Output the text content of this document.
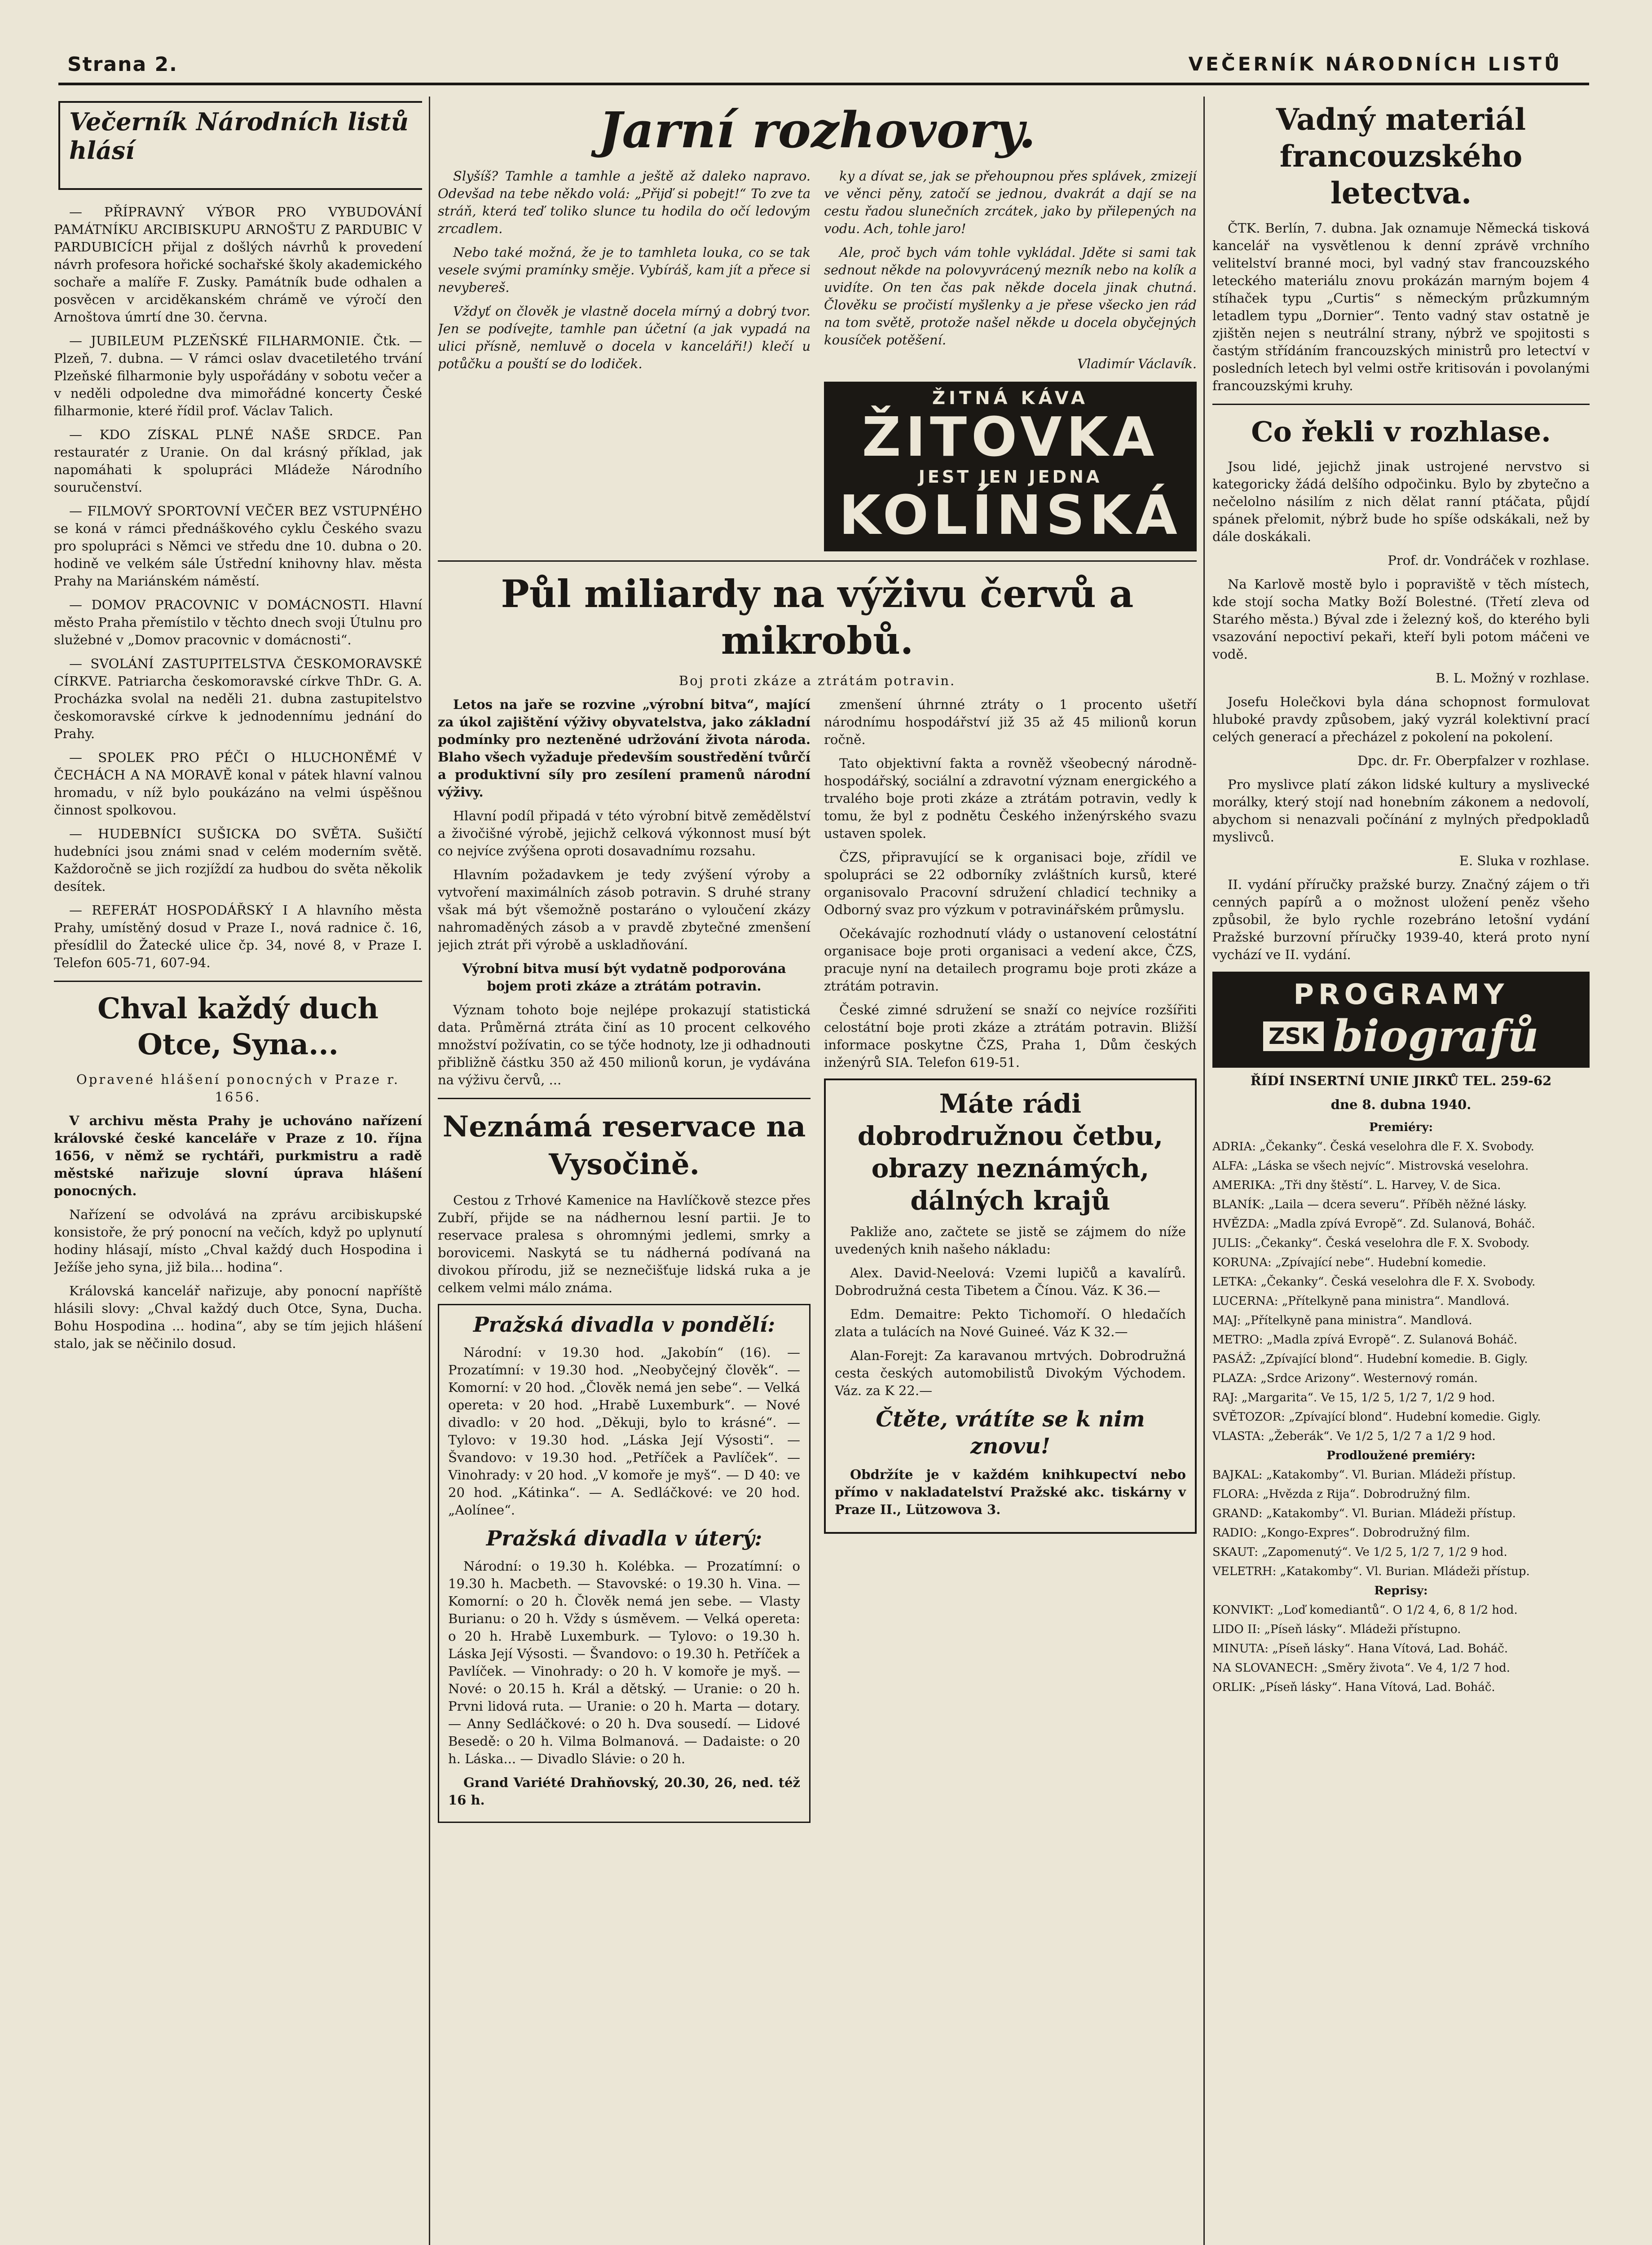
Strana 2.	VEČERNÍK NÁRODNÍCH LISTŮ
Večerník Národních listů hlásí

— PŘÍPRAVNÝ VÝBOR PRO VYBUDOVÁNÍ PAMÁTNÍKU ARCIBISKUPU ARNOŠTU Z PARDUBIC V PARDUBICÍCH přijal z došlých návrhů k provedení návrh profesora hořické sochařské školy akademického sochaře a malíře F. Zusky. Památník bude odhalen a posvěcen v arciděkanském chrámě ve výročí den Arnoštova úmrtí dne 30. června.

— JUBILEUM PLZEŇSKÉ FILHARMONIE. Čtk. — Plzeň, 7. dubna. — V rámci oslav dvacetiletého trvání Plzeňské filharmonie byly uspořádány v sobotu večer a v neděli odpoledne dva mimořádné koncerty České filharmonie, které řídil prof. Václav Talich.

— KDO ZÍSKAL PLNÉ NAŠE SRDCE. Pan restauratér z Uranie. On dal krásný příklad, jak napomáhati k spolupráci Mládeže Národního souručenství.

— FILMOVÝ SPORTOVNÍ VEČER BEZ VSTUPNÉHO se koná v rámci přednáškového cyklu Českého svazu pro spolupráci s Němci ve středu dne 10. dubna o 20. hodině ve velkém sále Ústřední knihovny hlav. města Prahy na Mariánském náměstí.

— DOMOV PRACOVNIC V DOMÁCNOSTI. Hlavní město Praha přemístilo v těchto dnech svoji Útulnu pro služebné v „Domov pracovnic v domácnosti“.

— SVOLÁNÍ ZASTUPITELSTVA ČESKOMORAVSKÉ CÍRKVE. Patriarcha českomoravské církve ThDr. G. A. Procházka svolal na neděli 21. dubna zastupitelstvo českomoravské církve k jednodennímu jednání do Prahy.

— SPOLEK PRO PÉČI O HLUCHONĚMÉ V ČECHÁCH A NA MORAVĚ konal v pátek hlavní valnou hromadu, v níž bylo poukázáno na velmi úspěšnou činnost spolkovou.

— HUDEBNÍCI SUŠICKA DO SVĚTA. Sušičtí hudebníci jsou známi snad v celém moderním světě. Každoročně se jich rozjíždí za hudbou do světa několik desítek.

— REFERÁT HOSPODÁŘSKÝ I A hlavního města Prahy, umístěný dosud v Praze I., nová radnice č. 16, přesídlil do Žatecké ulice čp. 34, nové 8, v Praze I. Telefon 605-71, 607-94.

Chval každý duch Otce, Syna...

Opravené hlášení ponocných v Praze r. 1656.

V archivu města Prahy je uchováno nařízení královské české kanceláře v Praze z 10. října 1656, v němž se rychtáři, purkmistru a radě městské nařizuje slovní úprava hlášení ponocných.

Nařízení se odvolává na zprávu arcibiskupské konsistoře, že prý ponocní na večích, když po uplynutí hodiny hlásají, místo „Chval každý duch Hospodina i Ježíše jeho syna, již bila... hodina“.

Královská kancelář nařizuje, aby ponocní napříště hlásili slovy: „Chval každý duch Otce, Syna, Ducha. Bohu Hospodina ... hodina“, aby se tím jejich hlášení stalo, jak se něčinilo dosud.

Jarní rozhovory.

Slyšíš? Tamhle a tamhle a ještě až daleko napravo. Odevšad na tebe někdo volá: „Přijď si pobejt!“ To zve ta stráň, která teď toliko slunce tu hodila do očí ledovým zrcadlem.

Nebo také možná, že je to tamhleta louka, co se tak vesele svými pramínky směje. Vybíráš, kam jít a přece si nevybereš.

Vždyť on člověk je vlastně docela mírný a dobrý tvor. Jen se podívejte, tamhle pan účetní (a jak vypadá na ulici přísně, nemluvě o docela v kanceláři!) klečí u potůčku a pouští se do lodiček.

ky a dívat se, jak se přehoupnou přes splávek, zmizejí ve věnci pěny, zatočí se jednou, dvakrát a dají se na cestu řadou slunečních zrcátek, jako by přilepených na vodu. Ach, tohle jaro!

Ale, proč bych vám tohle vykládal. Jděte si sami tak sednout někde na polovyvrácený mezník nebo na kolík a uvidíte. On ten čas pak někde docela jinak chutná. Člověku se pročistí myšlenky a je přese všecko jen rád na tom světě, protože našel někde u docela obyčejných kousíček potěšení.

Vladimír Václavík.

ŽITNÁ KÁVA
ŽITOVKA
JEST JEN JEDNA
KOLÍNSKÁ
Půl miliardy na výživu červů a mikrobů.

Boj proti zkáze a ztrátám potravin.

Letos na jaře se rozvine „výrobní bitva“, mající za úkol zajištění výživy obyvatelstva, jako základní podmínky pro nezteněné udržování života národa. Blaho všech vyžaduje především soustředění tvůrčí a produktivní síly pro zesílení pramenů národní výživy.

Hlavní podíl připadá v této výrobní bitvě zemědělství a živočišné výrobě, jejichž celková výkonnost musí být co nejvíce zvýšena oproti dosavadnímu rozsahu.

Hlavním požadavkem je tedy zvýšení výroby a vytvoření maximálních zásob potravin. S druhé strany však má být všemožně postaráno o vyloučení zkázy nahromaděných zásob a v pravdě zbytečné zmenšení jejich ztrát při výrobě a uskladňování.

Výrobní bitva musí být vydatně podporována bojem proti zkáze a ztrátám potravin.

Význam tohoto boje nejlépe prokazují statistická data. Průměrná ztráta činí as 10 procent celkového množství požívatin, co se týče hodnoty, lze ji odhadnouti přibližně částku 350 až 450 milionů korun, je vydávána na výživu červů, ...

Neznámá reservace na Vysočině.

Cestou z Trhové Kamenice na Havlíčkově stezce přes Zubří, přijde se na nádhernou lesní partii. Je to reservace pralesa s ohromnými jedlemi, smrky a borovicemi. Naskytá se tu nádherná podívaná na divokou přírodu, již se neznečišťuje lidská ruka a je celkem velmi málo známa.

Pražská divadla v pondělí:

Národní: v 19.30 hod. „Jakobín“ (16). — Prozatímní: v 19.30 hod. „Neobyčejný člověk“. — Komorní: v 20 hod. „Člověk nemá jen sebe“. — Velká opereta: v 20 hod. „Hrabě Luxemburk“. — Nové divadlo: v 20 hod. „Děkuji, bylo to krásné“. — Tylovo: v 19.30 hod. „Láska Její Výsosti“. — Švandovo: v 19.30 hod. „Petříček a Pavlíček“. — Vinohrady: v 20 hod. „V komoře je myš“. — D 40: ve 20 hod. „Kátinka“. — A. Sedláčkové: ve 20 hod. „Aolínee“.

Pražská divadla v úterý:

Národní: o 19.30 h. Kolébka. — Prozatímní: o 19.30 h. Macbeth. — Stavovské: o 19.30 h. Vina. — Komorní: o 20 h. Člověk nemá jen sebe. — Vlasty Burianu: o 20 h. Vždy s úsměvem. — Velká opereta: o 20 h. Hrabě Luxemburk. — Tylovo: o 19.30 h. Láska Její Výsosti. — Švandovo: o 19.30 h. Petříček a Pavlíček. — Vinohrady: o 20 h. V komoře je myš. — Nové: o 20.15 h. Král a dětský. — Uranie: o 20 h. Prvni lidová ruta. — Uranie: o 20 h. Marta — dotary. — Anny Sedláčkové: o 20 h. Dva sousedí. — Lidové Besedě: o 20 h. Vilma Bolmanová. — Dadaiste: o 20 h. Láska... — Divadlo Slávie: o 20 h.

Grand Variété Drahňovský, 20.30, 26, ned. též 16 h.

zmenšení úhrnné ztráty o 1 procento ušetří národnímu hospodářství již 35 až 45 milionů korun ročně.

Tato objektivní fakta a rovněž všeobecný národně-hospodářský, sociální a zdravotní význam energického a trvalého boje proti zkáze a ztrátám potravin, vedly k tomu, že byl z podnětu Českého inženýrského svazu ustaven spolek.

ČZS, připravující se k organisaci boje, zřídil ve spolupráci se 22 odborníky zvláštních kursů, které organisovalo Pracovní sdružení chladicí techniky a Odborný svaz pro výzkum v potravinářském průmyslu.

Očekávajíc rozhodnutí vlády o ustanovení celostátní organisace boje proti organisaci a vedení akce, ČZS, pracuje nyní na detailech programu boje proti zkáze a ztrátám potravin.

České zimné sdružení se snaží co nejvíce rozšířiti celostátní boje proti zkáze a ztrátám potravin. Bližší informace poskytne ČZS, Praha 1, Dům českých inženýrů SIA. Telefon 619-51.

Máte rádi dobrodružnou četbu, obrazy neznámých, dálných krajů

Pakliže ano, začtete se jistě se zájmem do níže uvedených knih našeho nákladu:

Alex. David-Neelová: Vzemi lupičů a kavalírů. Dobrodružná cesta Tibetem a Čínou. Váz. K 36.—

Edm. Demaitre: Pekto Tichomoří. O hledačích zlata a tulácích na Nové Guineé. Váz K 32.—

Alan-Forejt: Za karavanou mrtvých. Dobrodružná cesta českých automobilistů Divokým Východem. Váz. za K 22.—

Čtěte, vrátíte se k nim znovu!

Obdržíte je v každém knihkupectví nebo přímo v nakladatelství Pražské akc. tiskárny v Praze II., Lützowova 3.

Vadný materiál francouzského letectva.

ČTK. Berlín, 7. dubna. Jak oznamuje Německá tisková kancelář na vysvětlenou k denní zprávě vrchního velitelství branné moci, byl vadný stav francouzského leteckého materiálu znovu prokázán marným bojem 4 stíhaček typu „Curtis“ s německým průzkumným letadlem typu „Dornier“. Tento vadný stav ostatně je zjištěn nejen s neutrální strany, nýbrž ve spojitosti s častým střídáním francouzských ministrů pro letectví v posledních letech byl velmi ostře kritisován i povolanými francouzskými kruhy.

Co řekli v rozhlase.

Jsou lidé, jejichž jinak ustrojené nervstvo si kategoricky žádá delšího odpočinku. Bylo by zbytečno a nečelolno násilím z nich dělat ranní ptáčata, půjdí spánek přelomit, nýbrž bude ho spíše odskákali, než by dále doskákali.

Prof. dr. Vondráček v rozhlase.

Na Karlově mostě bylo i popraviště v těch místech, kde stojí socha Matky Boží Bolestné. (Třetí zleva od Starého města.) Býval zde i železný koš, do kterého byli vsazování nepoctiví pekaři, kteří byli potom máčeni ve vodě.

B. L. Možný v rozhlase.

Josefu Holečkovi byla dána schopnost formulovat hluboké pravdy způsobem, jaký vyzrál kolektivní prací celých generací a přecházel z pokolení na pokolení.

Dpc. dr. Fr. Oberpfalzer v rozhlase.

Pro myslivce platí zákon lidské kultury a myslivecké morálky, který stojí nad honebním zákonem a nedovolí, abychom si nenazvali počínání z mylných předpokladů myslivců.

E. Sluka v rozhlase.

II. vydání příručky pražské burzy. Značný zájem o tři cenných papírů a o možnost uložení peněz všeho způsobil, že bylo rychle rozebráno letošní vydání Pražské burzovní příručky 1939-40, která proto nyní vychází ve II. vydání.

PROGRAMY
ZSK biografů

ŘÍDÍ INSERTNÍ UNIE JIRKŮ TEL. 259-62

dne 8. dubna 1940.

Premiéry:

ADRIA: „Čekanky“. Česká veselohra dle F. X. Svobody.

ALFA: „Láska se všech nejvíc“. Mistrovská veselohra.

AMERIKA: „Tři dny štěstí“. L. Harvey, V. de Sica.

BLANÍK: „Laila — dcera severu“. Příběh něžné lásky.

HVĚZDA: „Madla zpívá Evropě“. Zd. Sulanová, Boháč.

JULIS: „Čekanky“. Česká veselohra dle F. X. Svobody.

KORUNA: „Zpívající nebe“. Hudební komedie.

LETKA: „Čekanky“. Česká veselohra dle F. X. Svobody.

LUCERNA: „Přítelkyně pana ministra“. Mandlová.

MAJ: „Přítelkyně pana ministra“. Mandlová.

METRO: „Madla zpívá Evropě“. Z. Sulanová Boháč.

PASÁŽ: „Zpívající blond“. Hudební komedie. B. Gigly.

PLAZA: „Srdce Arizony“. Westernový román.

RAJ: „Margarita“. Ve 15, 1/2 5, 1/2 7, 1/2 9 hod.

SVĚTOZOR: „Zpívající blond“. Hudební komedie. Gigly.

VLASTA: „Žeberák“. Ve 1/2 5, 1/2 7 a 1/2 9 hod.

Prodloužené premiéry:

BAJKAL: „Katakomby“. Vl. Burian. Mládeži přístup.

FLORA: „Hvězda z Rija“. Dobrodružný film.

GRAND: „Katakomby“. Vl. Burian. Mládeži přístup.

RADIO: „Kongo-Expres“. Dobrodružný film.

SKAUT: „Zapomenutý“. Ve 1/2 5, 1/2 7, 1/2 9 hod.

VELETRH: „Katakomby“. Vl. Burian. Mládeži přístup.

Reprisy:

KONVIKT: „Loď komediantů“. O 1/2 4, 6, 8 1/2 hod.

LIDO II: „Píseň lásky“. Mládeži přístupno.

MINUTA: „Píseň lásky“. Hana Vítová, Lad. Boháč.

NA SLOVANECH: „Směry života“. Ve 4, 1/2 7 hod.

ORLIK: „Píseň lásky“. Hana Vítová, Lad. Boháč.
